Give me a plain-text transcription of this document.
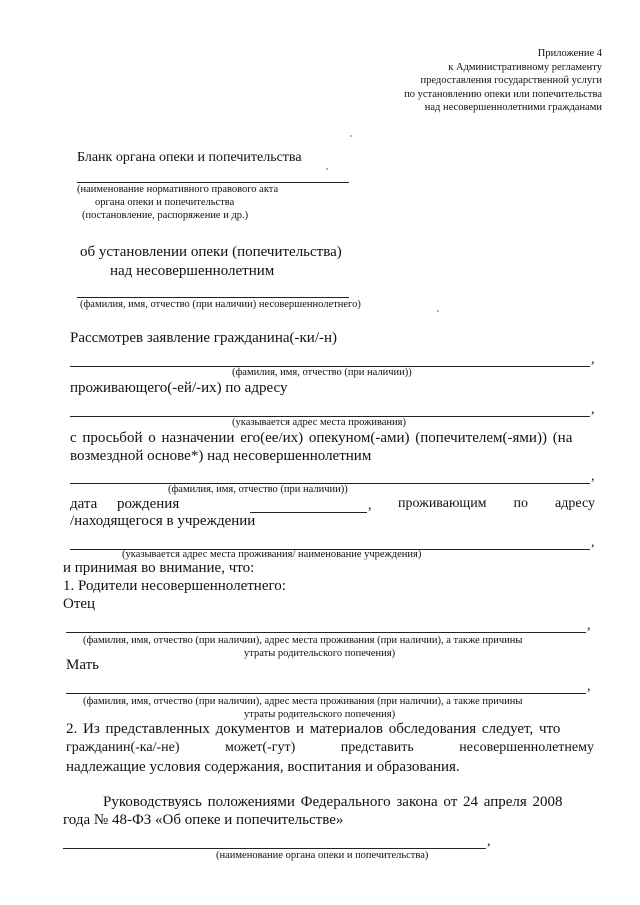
Приложение 4
к Административному регламенту
предоставления государственной услуги
по установлению опеки или попечительства
над несовершеннолетними гражданами
Бланк органа опеки и попечительства
(наименование нормативного правового акта
органа опеки и попечительства
(постановление, распоряжение и др.)
об установлении опеки (попечительства)
над несовершеннолетним
(фамилия, имя, отчество (при наличии) несовершеннолетнего)
Рассмотрев заявление гражданина(-ки/-н)
,
(фамилия, имя, отчество (при наличии))
проживающего(-ей/-их) по адресу
,
(указывается адрес места проживания)
с просьбой о назначении его(ее/их) опекуном(-ами) (попечителем(-ями)) (на
возмездной основе*) над несовершеннолетним
,
(фамилия, имя, отчество (при наличии))
дата рождения	, проживающим по адресу
/находящегося в учреждении
,
(указывается адрес места проживания/ наименование учреждения)
и принимая во внимание, что:
1. Родители несовершеннолетнего:
Отец
,
(фамилия, имя, отчество (при наличии), адрес места проживания (при наличии), а также причины
утраты родительского попечения)
Мать
,
(фамилия, имя, отчество (при наличии), адрес места проживания (при наличии), а также причины
утраты родительского попечения)
2. Из представленных документов и материалов обследования следует, что
гражданин(-ка/-не)	может(-гут)	представить	несовершеннолетнему
надлежащие условия содержания, воспитания и образования.
Руководствуясь положениями Федерального закона от 24 апреля 2008
года № 48-ФЗ «Об опеке и попечительстве»
,
(наименование органа опеки и попечительства)
